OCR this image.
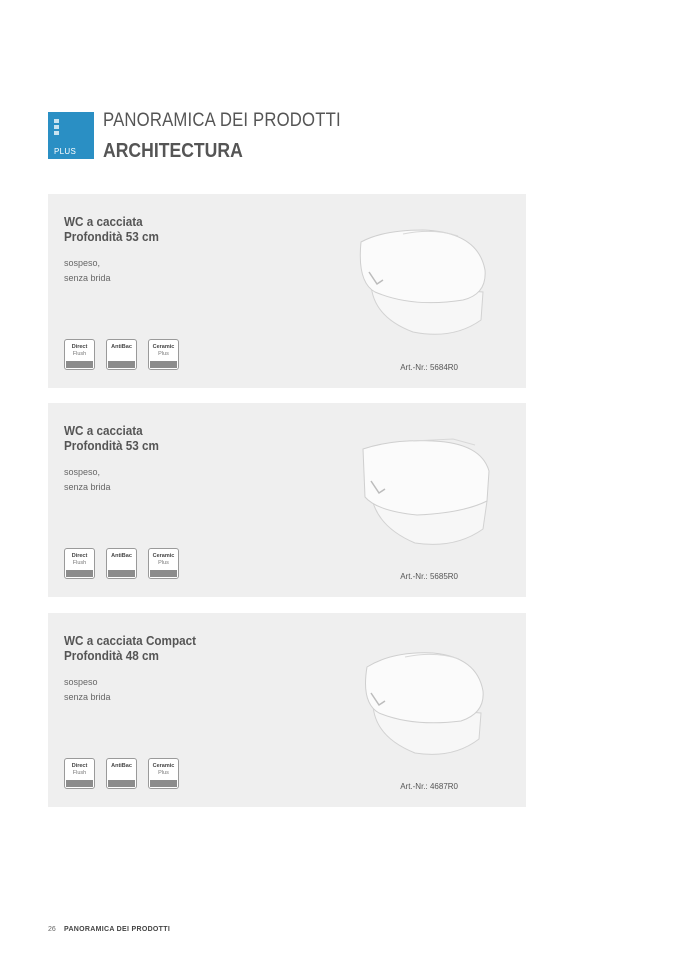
PLUS
PANORAMICA DEI PRODOTTI
ARCHITECTURA
WC a cacciata
Profondità 53 cm
sospeso,
senza brida
Direct
Flush
AntiBac	Ceramic
Plus
Art.-Nr.: 5684R0
WC a cacciata
Profondità 53 cm
sospeso,
senza brida
Direct
Flush
AntiBac	Ceramic
Plus
Art.-Nr.: 5685R0
WC a cacciata Compact
Profondità 48 cm
sospeso
senza brida
Direct
Flush
AntiBac	Ceramic
Plus
Art.-Nr.: 4687R0
26 PANORAMICA DEI PRODOTTI
